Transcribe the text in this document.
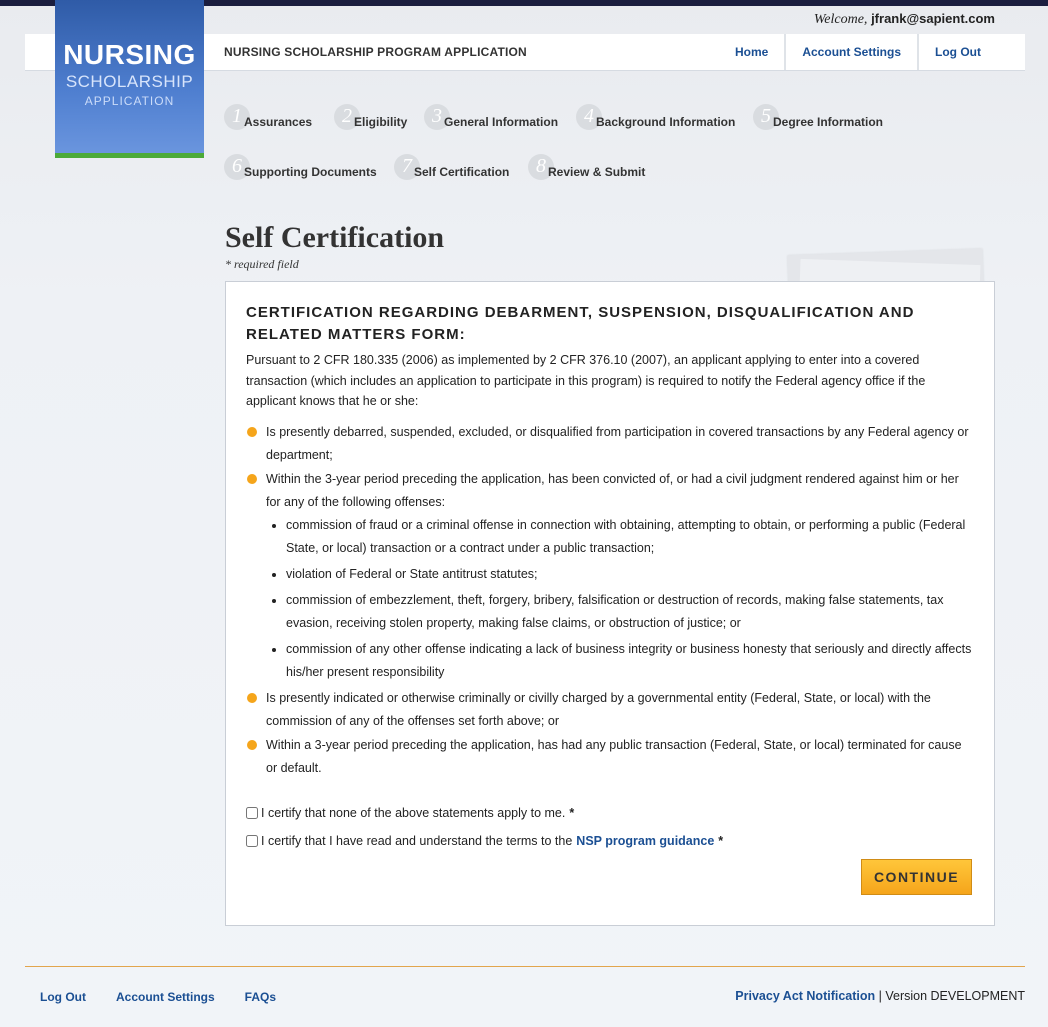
Welcome, jfrank@sapient.com
NURSING SCHOLARSHIP PROGRAM APPLICATION	Home	Account Settings	Log Out
NURSING
SCHOLARSHIP
APPLICATION
1 Assurances	2 Eligibility	3 General Information	4 Background Information	5 Degree Information
6 Supporting Documents	7 Self Certification	8 Review & Submit
Self Certification
* required field
CERTIFICATION REGARDING DEBARMENT, SUSPENSION, DISQUALIFICATION AND RELATED MATTERS FORM:

Pursuant to 2 CFR 180.335 (2006) as implemented by 2 CFR 376.10 (2007), an applicant applying to enter into a covered transaction (which includes an application to participate in this program) is required to notify the Federal agency office if the applicant knows that he or she:

Is presently debarred, suspended, excluded, or disqualified from participation in covered transactions by any Federal agency or department;
Within the 3-year period preceding the application, has been convicted of, or had a civil judgment rendered against him or her for any of the following offenses:
commission of fraud or a criminal offense in connection with obtaining, attempting to obtain, or performing a public (Federal State, or local) transaction or a contract under a public transaction;
violation of Federal or State antitrust statutes;
commission of embezzlement, theft, forgery, bribery, falsification or destruction of records, making false statements, tax evasion, receiving stolen property, making false claims, or obstruction of justice; or
commission of any other offense indicating a lack of business integrity or business honesty that seriously and directly affects his/her present responsibility
Is presently indicated or otherwise criminally or civilly charged by a governmental entity (Federal, State, or local) with the commission of any of the offenses set forth above; or
Within a 3-year period preceding the application, has had any public transaction (Federal, State, or local) terminated for cause or default.
I certify that none of the above statements apply to me. *
I certify that I have read and understand the terms to the NSP program guidance *
CONTINUE
Log Out	Account Settings	FAQs	Privacy Act Notification | Version DEVELOPMENT
